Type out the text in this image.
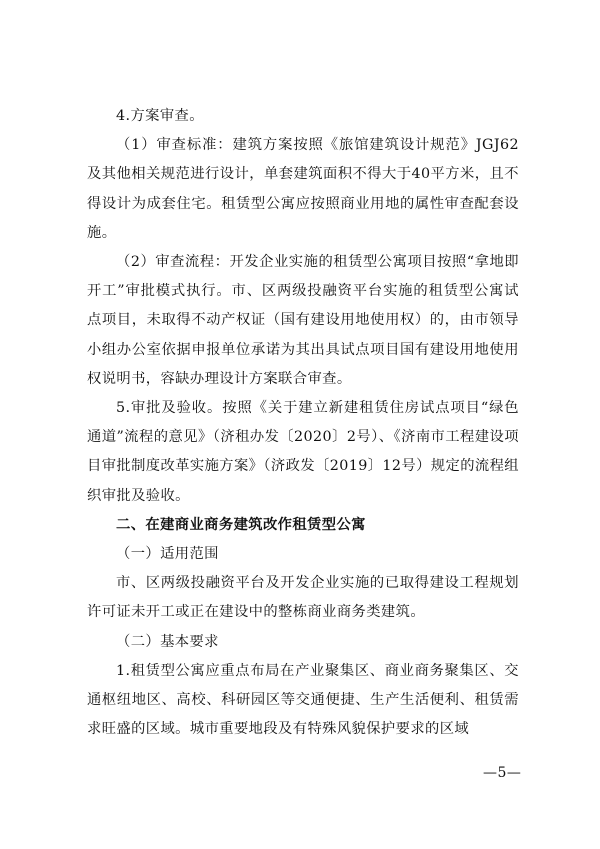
4.方案审查。

（1）审查标准：建筑方案按照《旅馆建筑设计规范》JGJ62及其他相关规范进行设计，单套建筑面积不得大于40平方米，且不得设计为成套住宅。租赁型公寓应按照商业用地的属性审查配套设施。

（2）审查流程：开发企业实施的租赁型公寓项目按照“拿地即开工”审批模式执行。市、区两级投融资平台实施的租赁型公寓试点项目，未取得不动产权证（国有建设用地使用权）的，由市领导小组办公室依据申报单位承诺为其出具试点项目国有建设用地使用权说明书，容缺办理设计方案联合审查。

5.审批及验收。按照《关于建立新建租赁住房试点项目“绿色通道”流程的意见》（济租办发〔2020〕2号）、《济南市工程建设项目审批制度改革实施方案》（济政发〔2019〕12号）规定的流程组织审批及验收。

二、在建商业商务建筑改作租赁型公寓

（一）适用范围

市、区两级投融资平台及开发企业实施的已取得建设工程规划许可证未开工或正在建设中的整栋商业商务类建筑。

（二）基本要求

1.租赁型公寓应重点布局在产业聚集区、商业商务聚集区、交通枢纽地区、高校、科研园区等交通便捷、生产生活便利、租赁需求旺盛的区域。城市重要地段及有特殊风貌保护要求的区域

—5—
